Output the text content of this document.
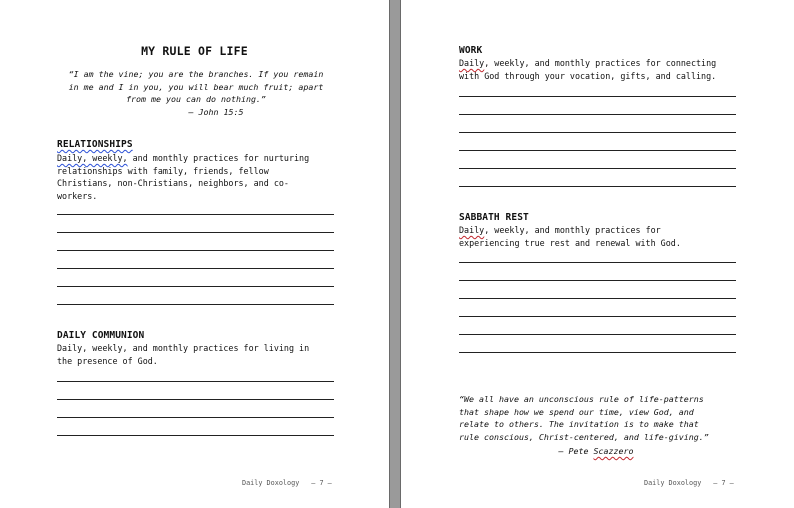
MY RULE OF LIFE
“I am the vine; you are the branches. If you remain
in me and I in you, you will bear much fruit; apart
from me you can do nothing.”
— John 15:5
RELATIONSHIPS
Daily, weekly, and monthly practices for nurturing
relationships with family, friends, fellow
Christians, non-Christians, neighbors, and co-
workers.
DAILY COMMUNION
Daily, weekly, and monthly practices for living in
the presence of God.
Daily Doxology — 7 —
WORK
Daily, weekly, and monthly practices for connecting
with God through your vocation, gifts, and calling.
SABBATH REST
Daily, weekly, and monthly practices for
experiencing true rest and renewal with God.
“We all have an unconscious rule of life-patterns
that shape how we spend our time, view God, and
relate to others. The invitation is to make that
rule conscious, Christ-centered, and life-giving.”
— Pete Scazzero
Daily Doxology — 7 —
